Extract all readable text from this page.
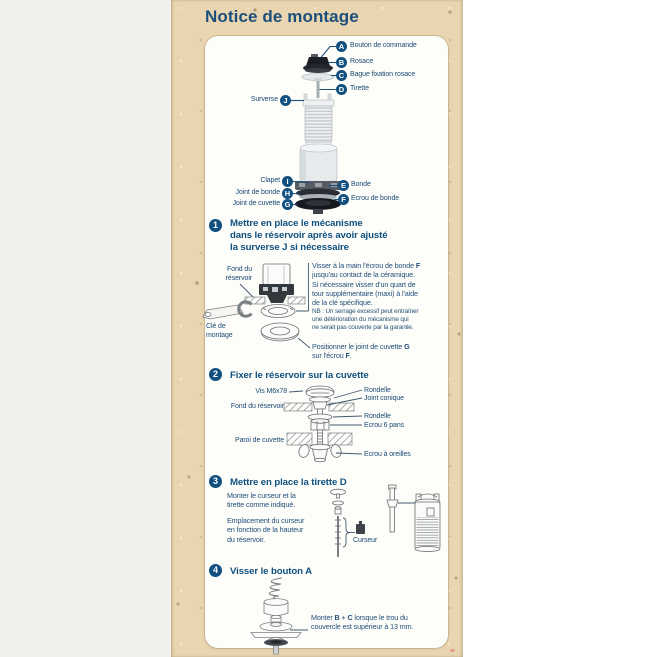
Notice de montage
A
B
C
D
J
I
H
G
E
F
Bouton de commande
Rosace
Bague fixation rosace
Tirette
Surverse
Clapet
Joint de bonde
Joint de cuvette
Bonde
Ecrou de bonde
1	Mettre en place le mécanisme
dans le réservoir après avoir ajusté
la surverse J si nécessaire
Fond du
réservoir
Clé de
montage
Visser à la main l'écrou de bonde F
jusqu'au contact de la céramique.
Si nécessaire visser d'un quart de
tour supplémentaire (maxi) à l'aide
de la clé spécifique.
NB : Un serrage excessif peut entraîner
une détérioration du mécanisme qui
ne serait pas couverte par la garantie.
Positionner le joint de cuvette G
sur l'écrou F.
2	Fixer le réservoir sur la cuvette
Vis M6x78
Fond du réservoir
Paroi de cuvette
Rondelle
Joint conique
Rondelle
Ecrou 6 pans
Ecrou à oreilles
3	Mettre en place la tirette D
Monter le curseur et la
tirette comme indiqué.
Emplacement du curseur
en fonction de la hauteur
du réservoir.	Curseur
4	Visser le bouton A
Monter B + C lorsque le trou du
couvercle est supérieur à 13 mm.
